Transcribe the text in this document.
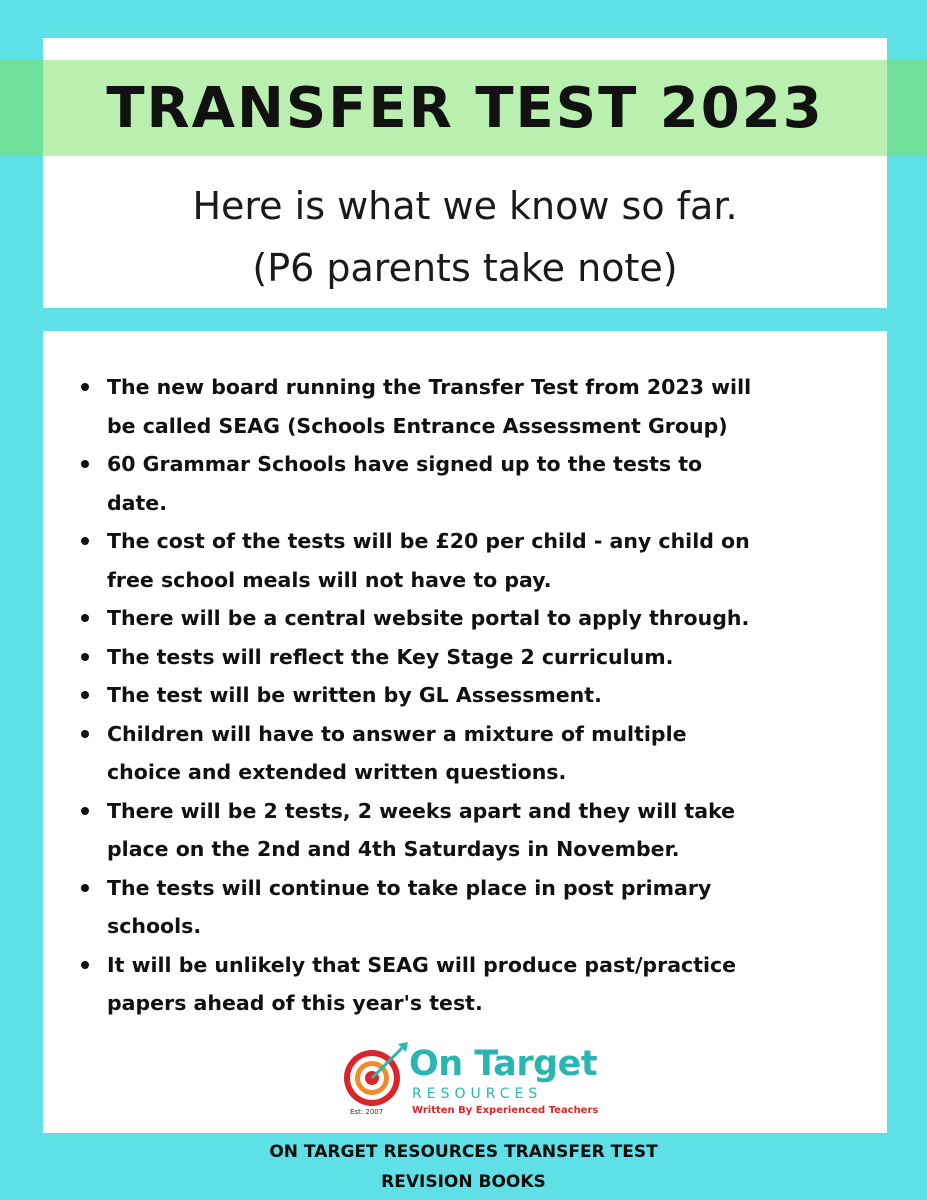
TRANSFER TEST 2023
Here is what we know so far.
(P6 parents take note)
The new board running the Transfer Test from 2023 will
be called SEAG (Schools Entrance Assessment Group)
60 Grammar Schools have signed up to the tests to
date.
The cost of the tests will be £20 per child - any child on
free school meals will not have to pay.
There will be a central website portal to apply through.
The tests will reflect the Key Stage 2 curriculum.
The test will be written by GL Assessment.
Children will have to answer a mixture of multiple
choice and extended written questions.
There will be 2 tests, 2 weeks apart and they will take
place on the 2nd and 4th Saturdays in November.
The tests will continue to take place in post primary
schools.
It will be unlikely that SEAG will produce past/practice
papers ahead of this year's test.
On Target
RESOURCES
Written By Experienced Teachers
Est: 2007
ON TARGET RESOURCES TRANSFER TEST
REVISION BOOKS
